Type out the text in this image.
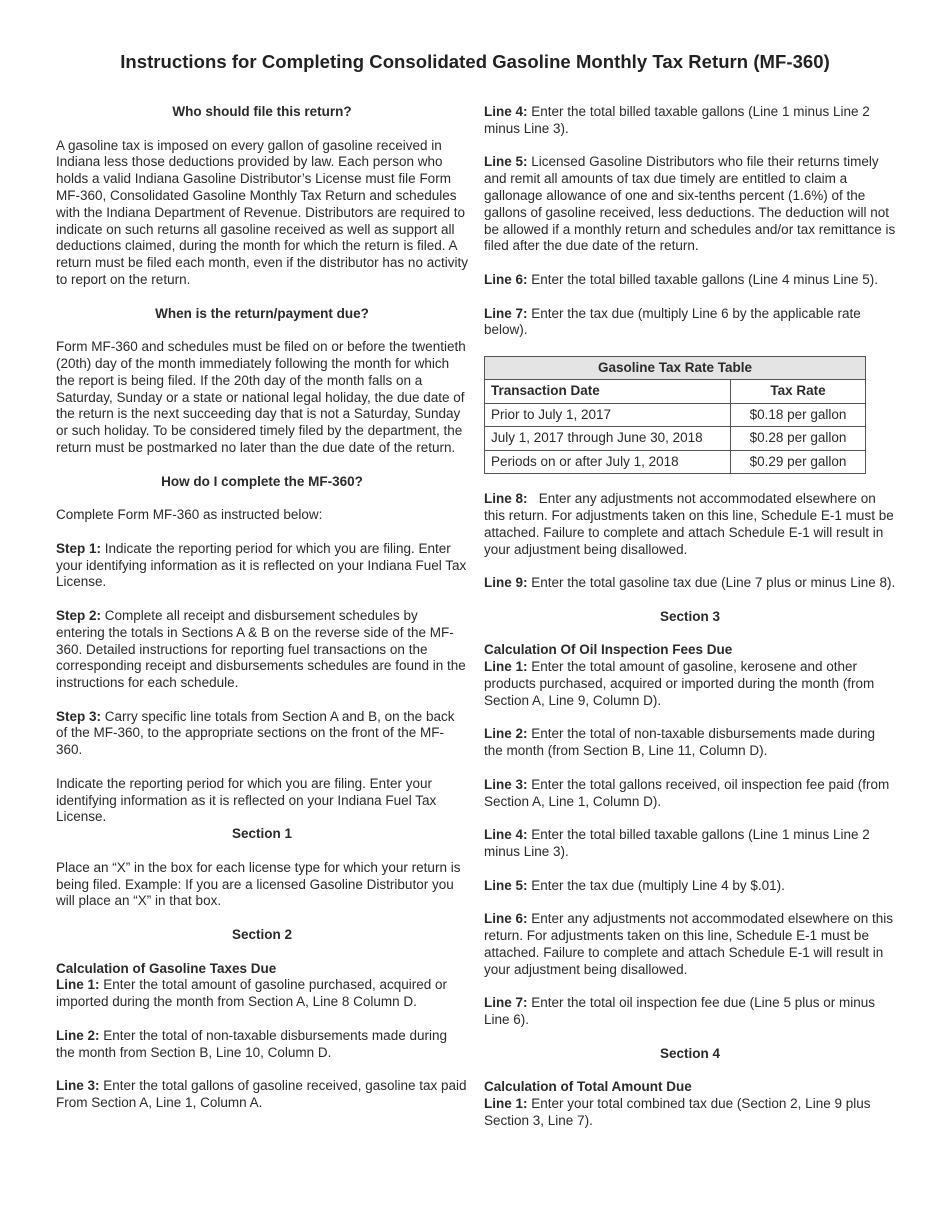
Instructions for Completing Consolidated Gasoline Monthly Tax Return (MF-360)

Who should file this return?

A gasoline tax is imposed on every gallon of gasoline received in Indiana less those deductions provided by law. Each person who holds a valid Indiana Gasoline Distributor’s License must file Form MF-360, Consolidated Gasoline Monthly Tax Return and schedules with the Indiana Department of Revenue. Distributors are required to indicate on such returns all gasoline received as well as support all deductions claimed, during the month for which the return is filed. A return must be filed each month, even if the distributor has no activity to report on the return.

When is the return/payment due?

Form MF-360 and schedules must be filed on or before the twentieth (20th) day of the month immediately following the month for which the report is being filed. If the 20th day of the month falls on a Saturday, Sunday or a state or national legal holiday, the due date of the return is the next succeeding day that is not a Saturday, Sunday or such holiday. To be considered timely filed by the department, the return must be postmarked no later than the due date of the return.

How do I complete the MF-360?

Complete Form MF-360 as instructed below:

Step 1: Indicate the reporting period for which you are filing. Enter your identifying information as it is reflected on your Indiana Fuel Tax License.

Step 2: Complete all receipt and disbursement schedules by entering the totals in Sections A & B on the reverse side of the MF-360. Detailed instructions for reporting fuel transactions on the corresponding receipt and disbursements schedules are found in the instructions for each schedule.

Step 3: Carry specific line totals from Section A and B, on the back of the MF-360, to the appropriate sections on the front of the MF-360.

Indicate the reporting period for which you are filing. Enter your identifying information as it is reflected on your Indiana Fuel Tax License.

Section 1

Place an “X” in the box for each license type for which your return is being filed. Example: If you are a licensed Gasoline Distributor you will place an “X” in that box.

Section 2

Calculation of Gasoline Taxes Due

Line 1: Enter the total amount of gasoline purchased, acquired or imported during the month from Section A, Line 8 Column D.

Line 2: Enter the total of non-taxable disbursements made during the month from Section B, Line 10, Column D.

Line 3: Enter the total gallons of gasoline received, gasoline tax paid From Section A, Line 1, Column A.

Line 4: Enter the total billed taxable gallons (Line 1 minus Line 2 minus Line 3).

Line 5: Licensed Gasoline Distributors who file their returns timely and remit all amounts of tax due timely are entitled to claim a gallonage allowance of one and six-tenths percent (1.6%) of the gallons of gasoline received, less deductions. The deduction will not be allowed if a monthly return and schedules and/or tax remittance is filed after the due date of the return.

Line 6: Enter the total billed taxable gallons (Line 4 minus Line 5).

Line 7: Enter the tax due (multiply Line 6 by the applicable rate below).

Gasoline Tax Rate Table	
Transaction Date	Tax Rate
Prior to July 1, 2017	$0.18 per gallon
July 1, 2017 through June 30, 2018	$0.28 per gallon
Periods on or after July 1, 2018	$0.29 per gallon

Line 8: Enter any adjustments not accommodated elsewhere on this return. For adjustments taken on this line, Schedule E-1 must be attached. Failure to complete and attach Schedule E-1 will result in your adjustment being disallowed.

Line 9: Enter the total gasoline tax due (Line 7 plus or minus Line 8).

Section 3

Calculation Of Oil Inspection Fees Due

Line 1: Enter the total amount of gasoline, kerosene and other products purchased, acquired or imported during the month (from Section A, Line 9, Column D).

Line 2: Enter the total of non-taxable disbursements made during the month (from Section B, Line 11, Column D).

Line 3: Enter the total gallons received, oil inspection fee paid (from Section A, Line 1, Column D).

Line 4: Enter the total billed taxable gallons (Line 1 minus Line 2 minus Line 3).

Line 5: Enter the tax due (multiply Line 4 by $.01).

Line 6: Enter any adjustments not accommodated elsewhere on this return. For adjustments taken on this line, Schedule E-1 must be attached. Failure to complete and attach Schedule E-1 will result in your adjustment being disallowed.

Line 7: Enter the total oil inspection fee due (Line 5 plus or minus Line 6).

Section 4

Calculation of Total Amount Due

Line 1: Enter your total combined tax due (Section 2, Line 9 plus Section 3, Line 7).
